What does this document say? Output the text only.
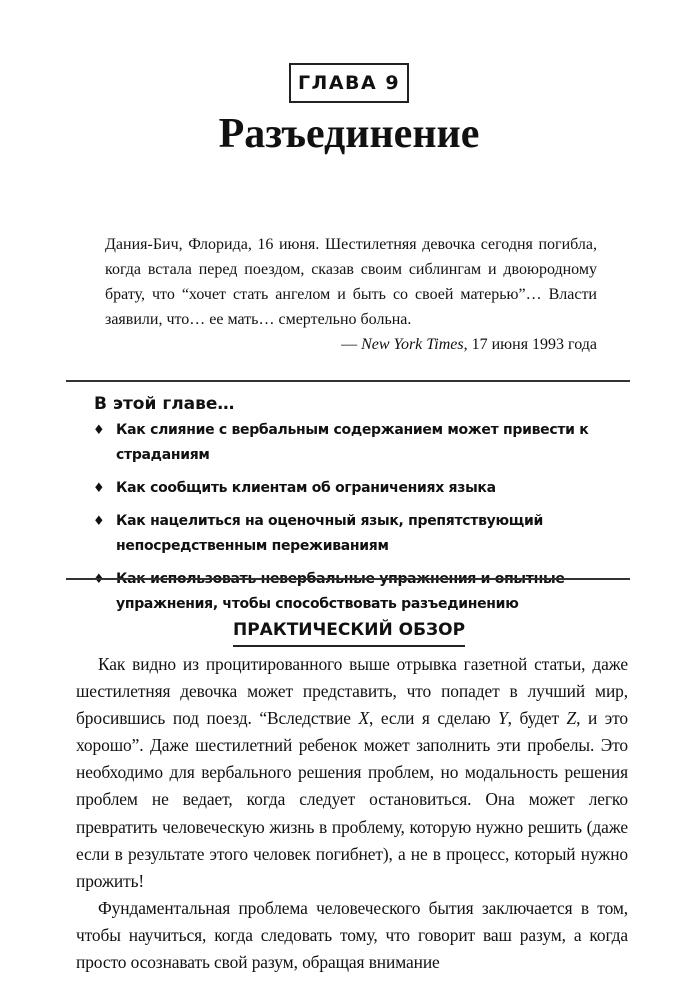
ГЛАВА 9
Разъединение

Дания-Бич, Флорида, 16 июня. Шестилетняя девочка сегодня погибла, когда встала перед поездом, сказав своим сиблингам и двоюродному брату, что “хочет стать ангелом и быть со своей матерью”… Власти заявили, что… ее мать… смертельно больна.

— New York Times, 17 июня 1993 года

В этой главе…
♦ Как слияние с вербальным содержанием может привести к страданиям
♦ Как сообщить клиентам об ограничениях языка
♦ Как нацелиться на оценочный язык, препятствующий непосредственным переживаниям
♦ Как использовать невербальные упражнения и опытные упражнения, чтобы способствовать разъединению
ПРАКТИЧЕСКИЙ ОБЗОР

Как видно из процитированного выше отрывка газетной статьи, даже шестилетняя девочка может представить, что попадет в лучший мир, бросившись под поезд. “Вследствие X, если я сделаю Y, будет Z, и это хорошо”. Даже шестилетний ребенок может заполнить эти пробелы. Это необходимо для вербального решения проблем, но модальность решения проблем не ведает, когда следует остановиться. Она может легко превратить человеческую жизнь в проблему, которую нужно решить (даже если в результате этого человек погибнет), а не в процесс, который нужно прожить!

Фундаментальная проблема человеческого бытия заключается в том, чтобы научиться, когда следовать тому, что говорит ваш разум, а когда просто осознавать свой разум, обращая внимание
